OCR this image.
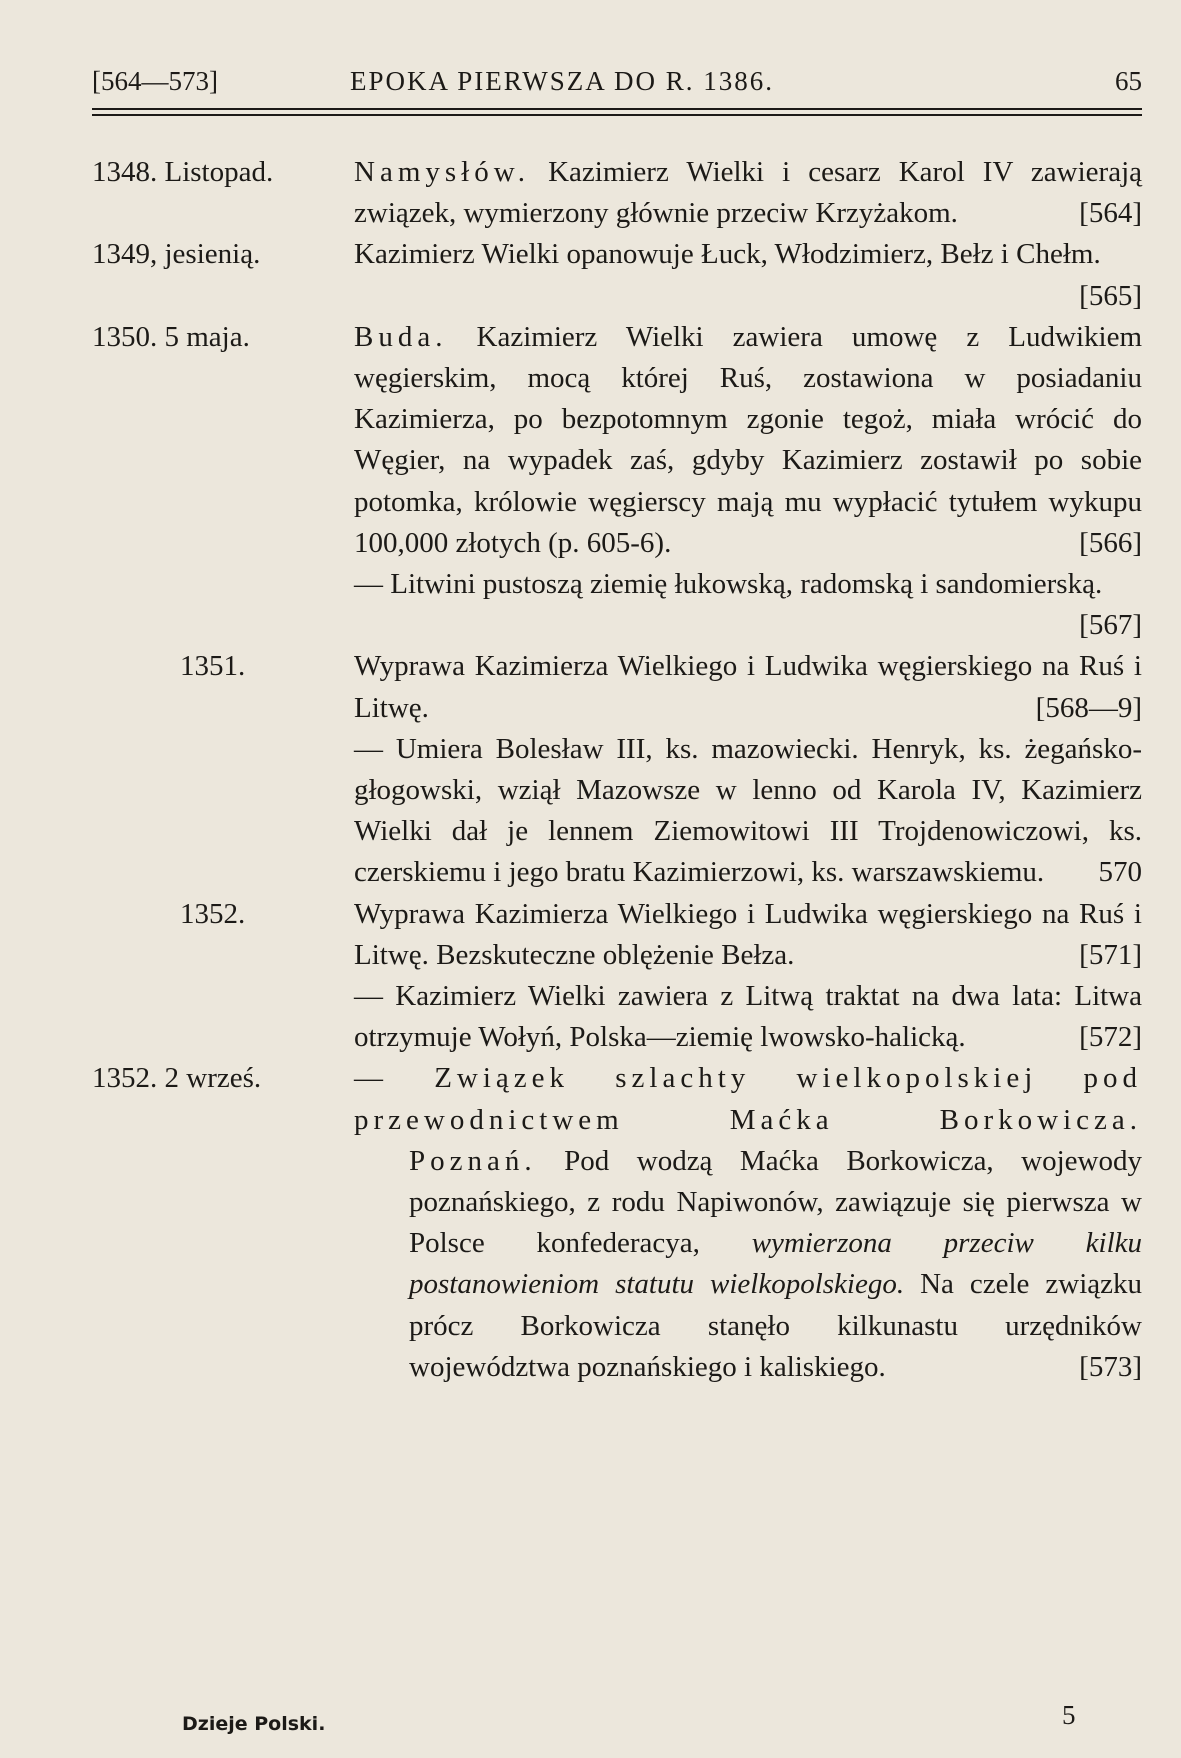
[564—573]	EPOKA PIERWSZA DO R. 1386.	65
1348. Listopad.	Namysłów. Kazimierz Wielki i cesarz Karol IV zawierają związek, wymierzony głównie przeciw Krzyżakom.	[564]
1349, jesienią.	Kazimierz Wielki opanowuje Łuck, Włodzimierz, Bełz i Chełm.
[565]
1350. 5 maja.	Buda. Kazimierz Wielki zawiera umowę z Ludwikiem węgierskim, mocą której Ruś, zostawiona w posiadaniu Kazimierza, po bezpotomnym zgonie tegoż, miała wrócić do Węgier, na wypadek zaś, gdyby Kazimierz zostawił po sobie potomka, królowie węgierscy mają mu wypłacić tytułem wykupu 100,000 złotych (p. 605-6).	[566]
— Litwini pustoszą ziemię łukowską, radomską i sandomierską.
[567]
1351.	Wyprawa Kazimierza Wielkiego i Ludwika węgierskiego na Ruś i Litwę.	[568—9]
— Umiera Bolesław III, ks. mazowiecki. Henryk, ks. żegańsko-głogowski, wziął Mazowsze w lenno od Karola IV, Kazimierz Wielki dał je lennem Ziemowitowi III Trojdenowiczowi, ks. czerskiemu i jego bratu Kazimierzowi, ks. warszawskiemu.	570
1352.	Wyprawa Kazimierza Wielkiego i Ludwika węgierskiego na Ruś i Litwę. Bezskuteczne oblężenie Bełza.	[571]
— Kazimierz Wielki zawiera z Litwą traktat na dwa lata: Litwa otrzymuje Wołyń, Polska—ziemię lwowsko-halicką.	[572]
1352. 2 wrześ.	— Związek szlachty wielkopolskiej pod przewodnictwem Maćka Borkowicza.
Poznań. Pod wodzą Maćka Borkowicza, wojewody poznańskiego, z rodu Napiwonów, zawiązuje się pierwsza w Polsce konfederacya, wymierzona przeciw kilku postanowieniom statutu wielkopolskiego. Na czele związku prócz Borkowicza stanęło kilkunastu urzędników województwa poznańskiego i kaliskiego.	[573]
Dzieje Polski.	5
